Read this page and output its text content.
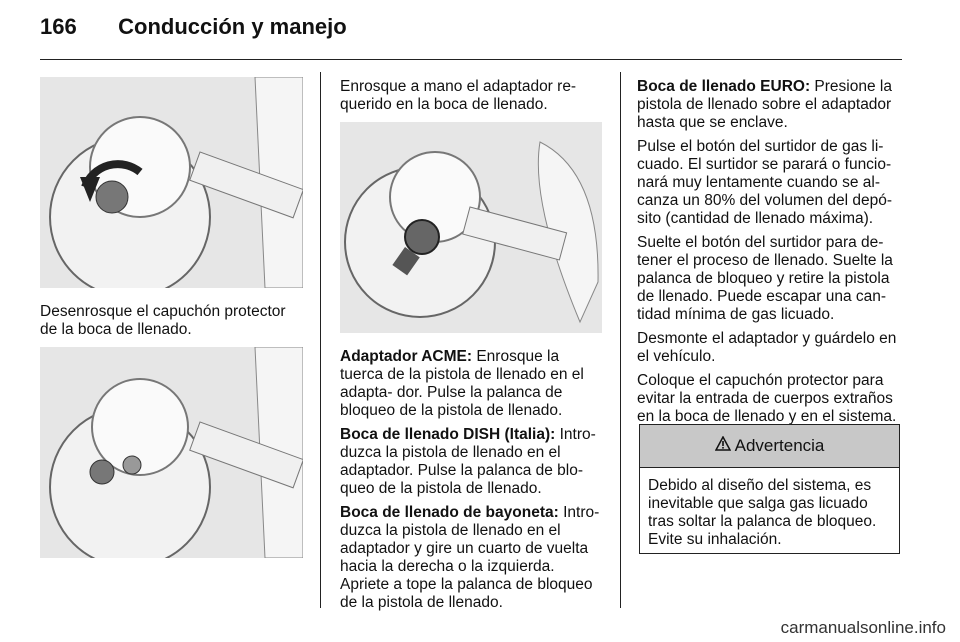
166 Conducción y manejo

Desenrosque el capuchón protector de la boca de llenado.

Enrosque a mano el adaptador re- querido en la boca de llenado.

Adaptador ACME: Enrosque la tuerca de la pistola de llenado en el adapta- dor. Pulse la palanca de bloqueo de la pistola de llenado.

Boca de llenado DISH (Italia): Intro- duzca la pistola de llenado en el adaptador. Pulse la palanca de blo- queo de la pistola de llenado.

Boca de llenado de bayoneta: Intro- duzca la pistola de llenado en el adaptador y gire un cuarto de vuelta hacia la derecha o la izquierda. Apriete a tope la palanca de bloqueo de la pistola de llenado.

Boca de llenado EURO: Presione la pistola de llenado sobre el adaptador hasta que se enclave.

Pulse el botón del surtidor de gas li- cuado. El surtidor se parará o funcio- nará muy lentamente cuando se al- canza un 80% del volumen del depó- sito (cantidad de llenado máxima).

Suelte el botón del surtidor para de- tener el proceso de llenado. Suelte la palanca de bloqueo y retire la pistola de llenado. Puede escapar una can- tidad mínima de gas licuado.

Desmonte el adaptador y guárdelo en el vehículo.

Coloque el capuchón protector para evitar la entrada de cuerpos extraños en la boca de llenado y en el sistema.

Advertencia
Debido al diseño del sistema, es inevitable que salga gas licuado tras soltar la palanca de bloqueo. Evite su inhalación.
carmanualsonline.info
